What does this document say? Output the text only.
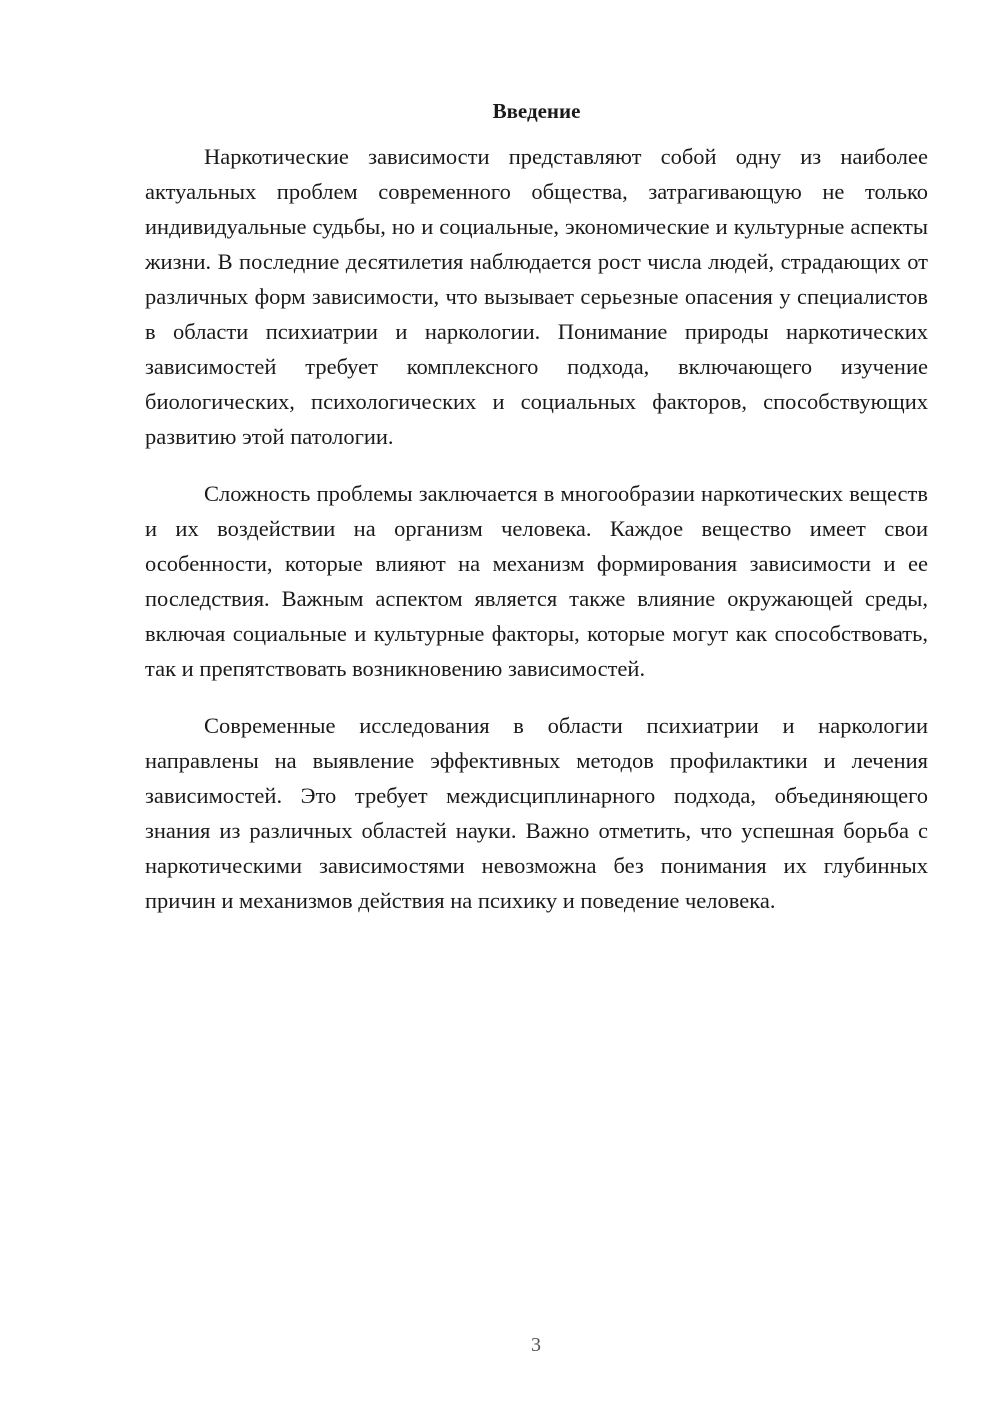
Введение

Наркотические зависимости представляют собой одну из наиболее актуальных проблем современного общества, затрагивающую не только индивидуальные судьбы, но и социальные, экономические и культурные аспекты жизни. В последние десятилетия наблюдается рост числа людей, страдающих от различных форм зависимости, что вызывает серьезные опасения у специалистов в области психиатрии и наркологии. Понимание природы наркотических зависимостей требует комплексного подхода, включающего изучение биологических, психологических и социальных факторов, способствующих развитию этой патологии.

Сложность проблемы заключается в многообразии наркотических веществ и их воздействии на организм человека. Каждое вещество имеет свои особенности, которые влияют на механизм формирования зависимости и ее последствия. Важным аспектом является также влияние окружающей среды, включая социальные и культурные факторы, которые могут как способствовать, так и препятствовать возникновению зависимостей.

Современные исследования в области психиатрии и наркологии направлены на выявление эффективных методов профилактики и лечения зависимостей. Это требует междисциплинарного подхода, объединяющего знания из различных областей науки. Важно отметить, что успешная борьба с наркотическими зависимостями невозможна без понимания их глубинных причин и механизмов действия на психику и поведение человека.

3
